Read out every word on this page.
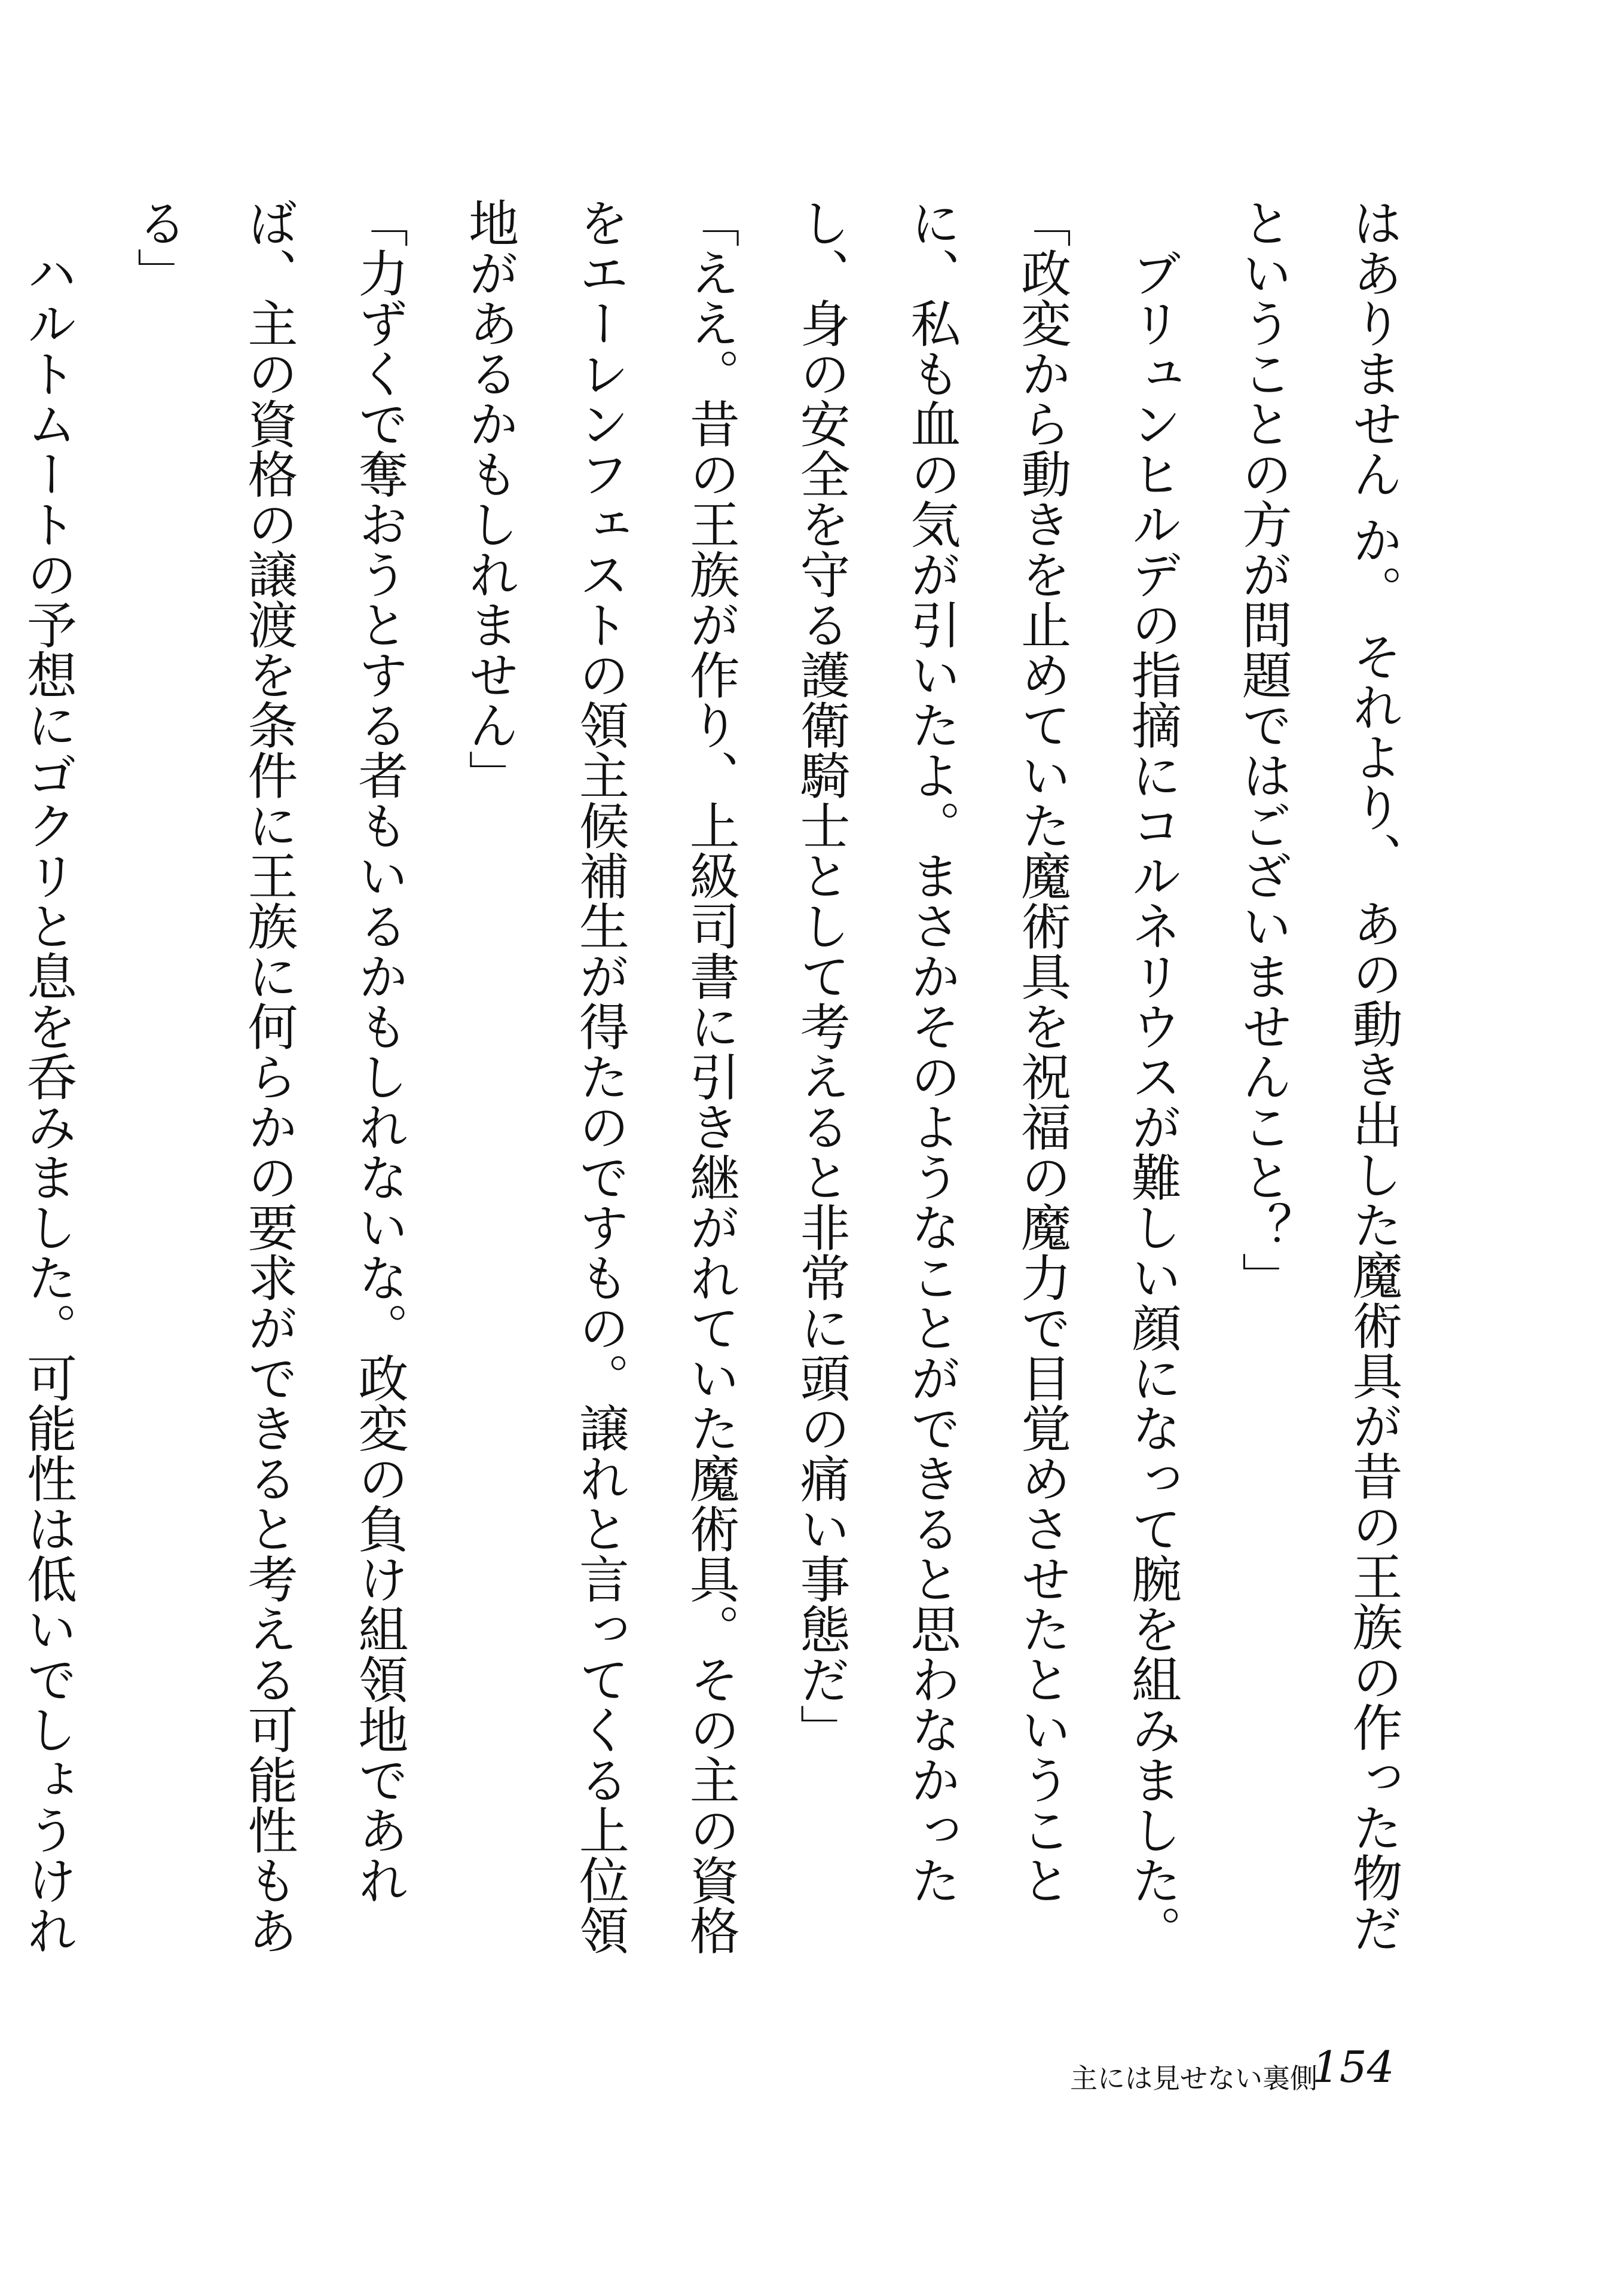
はありません か。 それより、 あの動き出した魔術具が昔の王族の作った物だということの方が問題ではございませんこと？」

ブリュンヒルデの指摘にコルネリウスが難しい顔になって腕を組みました。

「政変から動きを止めていた魔術具を祝福の魔力で目覚めさせたということに、私も血の気が引いたよ。まさかそのようなことができると思わなかったし、身の安全を守る護衛騎士として考えると非常に頭の痛い事態だ」

「ええ。昔の王族が作り、上級司書に引き継がれていた魔術具。その主の資格をエーレンフェストの領主候補生が得たのですもの。譲れと言ってくる上位領地があるかもしれません」

「力ずくで奪おうとする者もいるかもしれないな。政変の負け組領地であれば、主の資格の譲渡を条件に王族に何らかの要求ができると考える可能性もある」

ハルトムートの予想にゴクリと息を呑みました。可能性は低いでしょうけれ

主には見せない裏側
154
